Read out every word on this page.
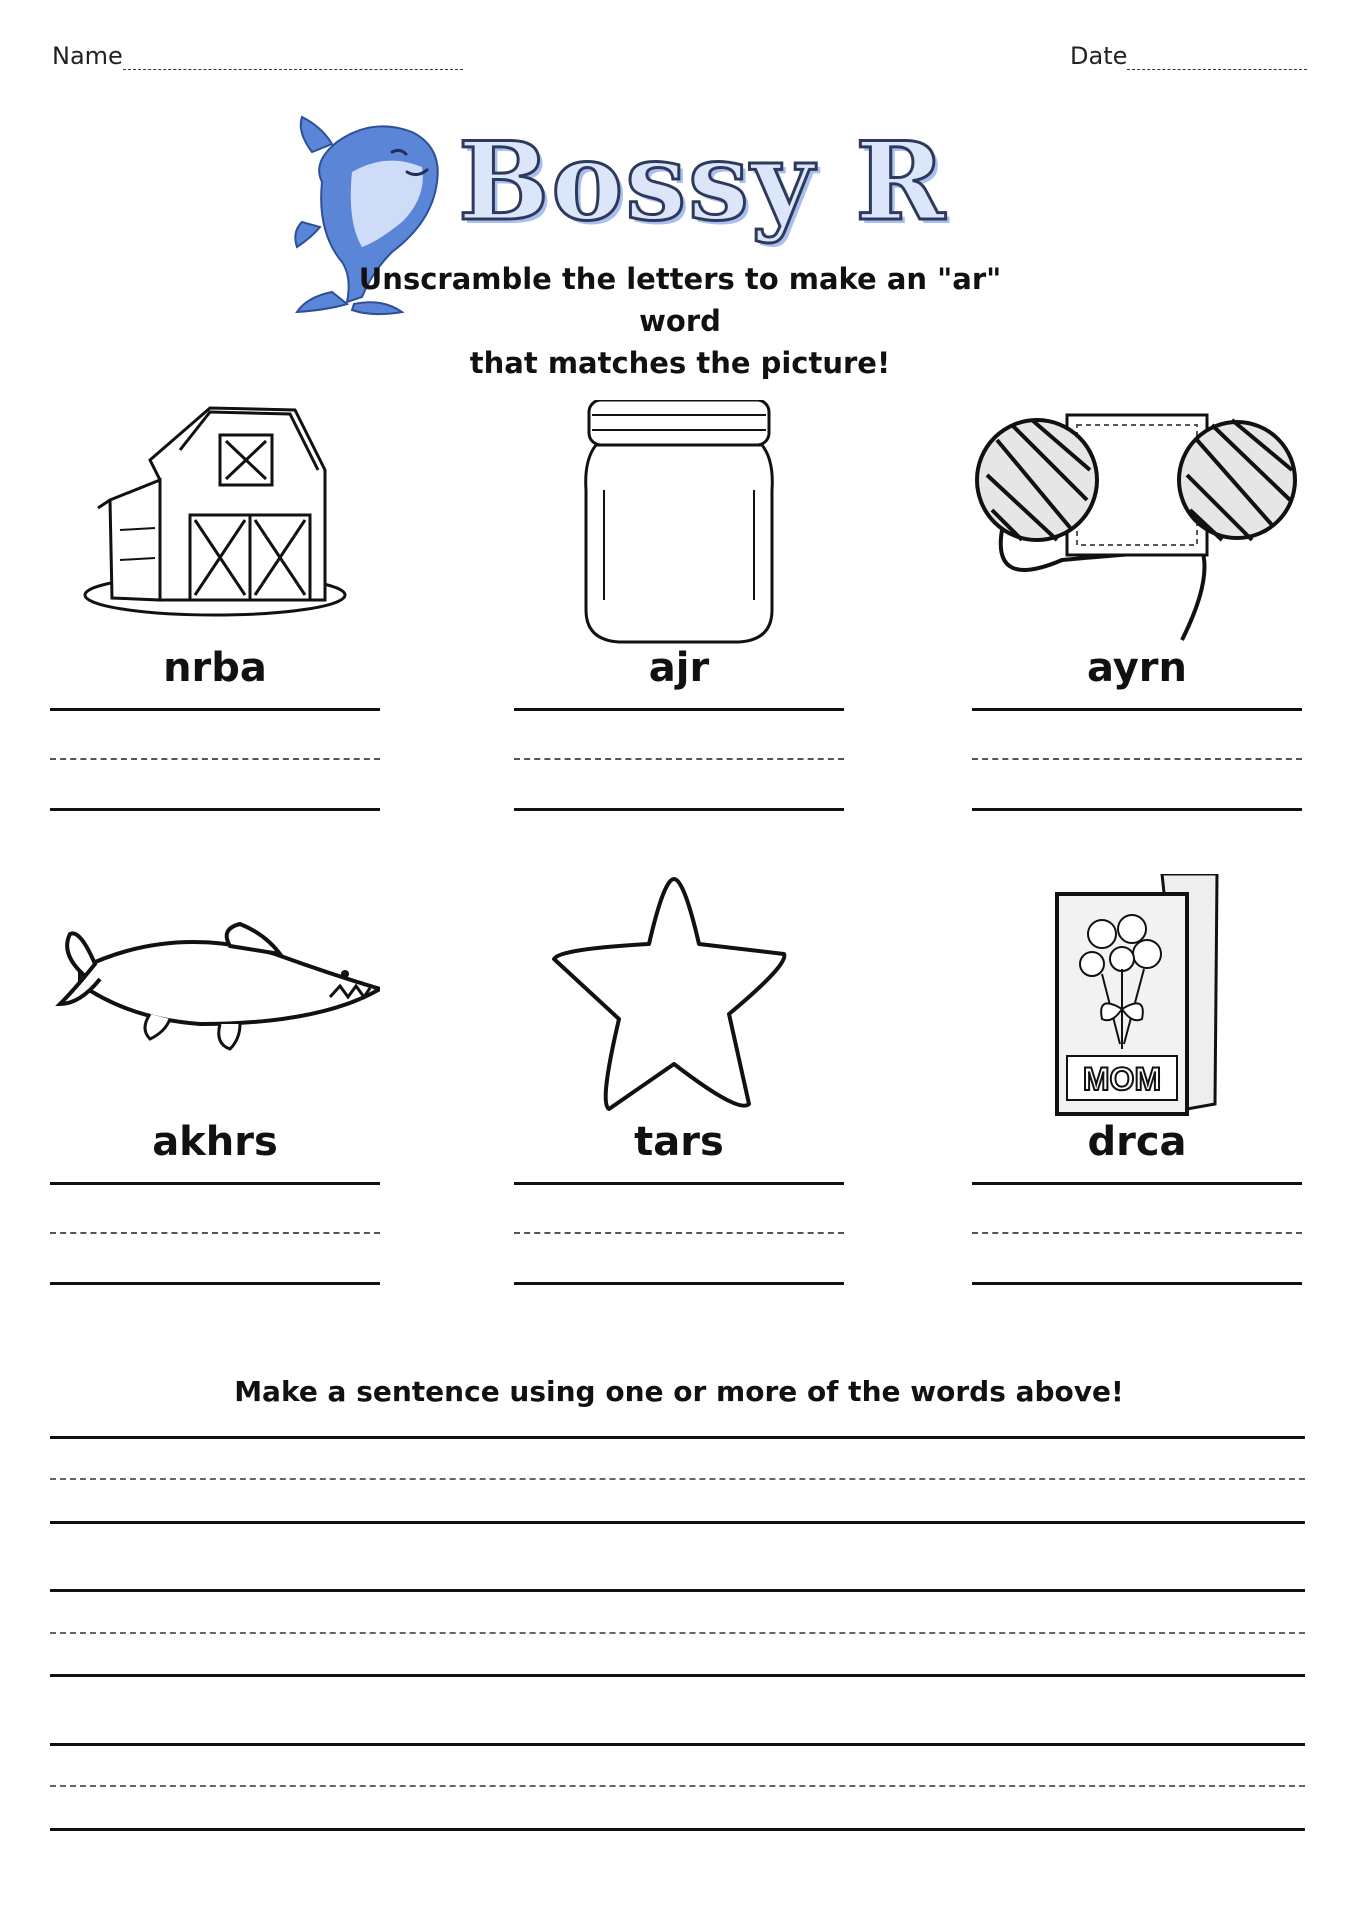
Name	Date
Bossy R
Unscramble the letters to make an "ar" word
that matches the picture!
nrba	ajr	ayrn
akhrs	tars
MOM
drca
Make a sentence using one or more of the words above!
